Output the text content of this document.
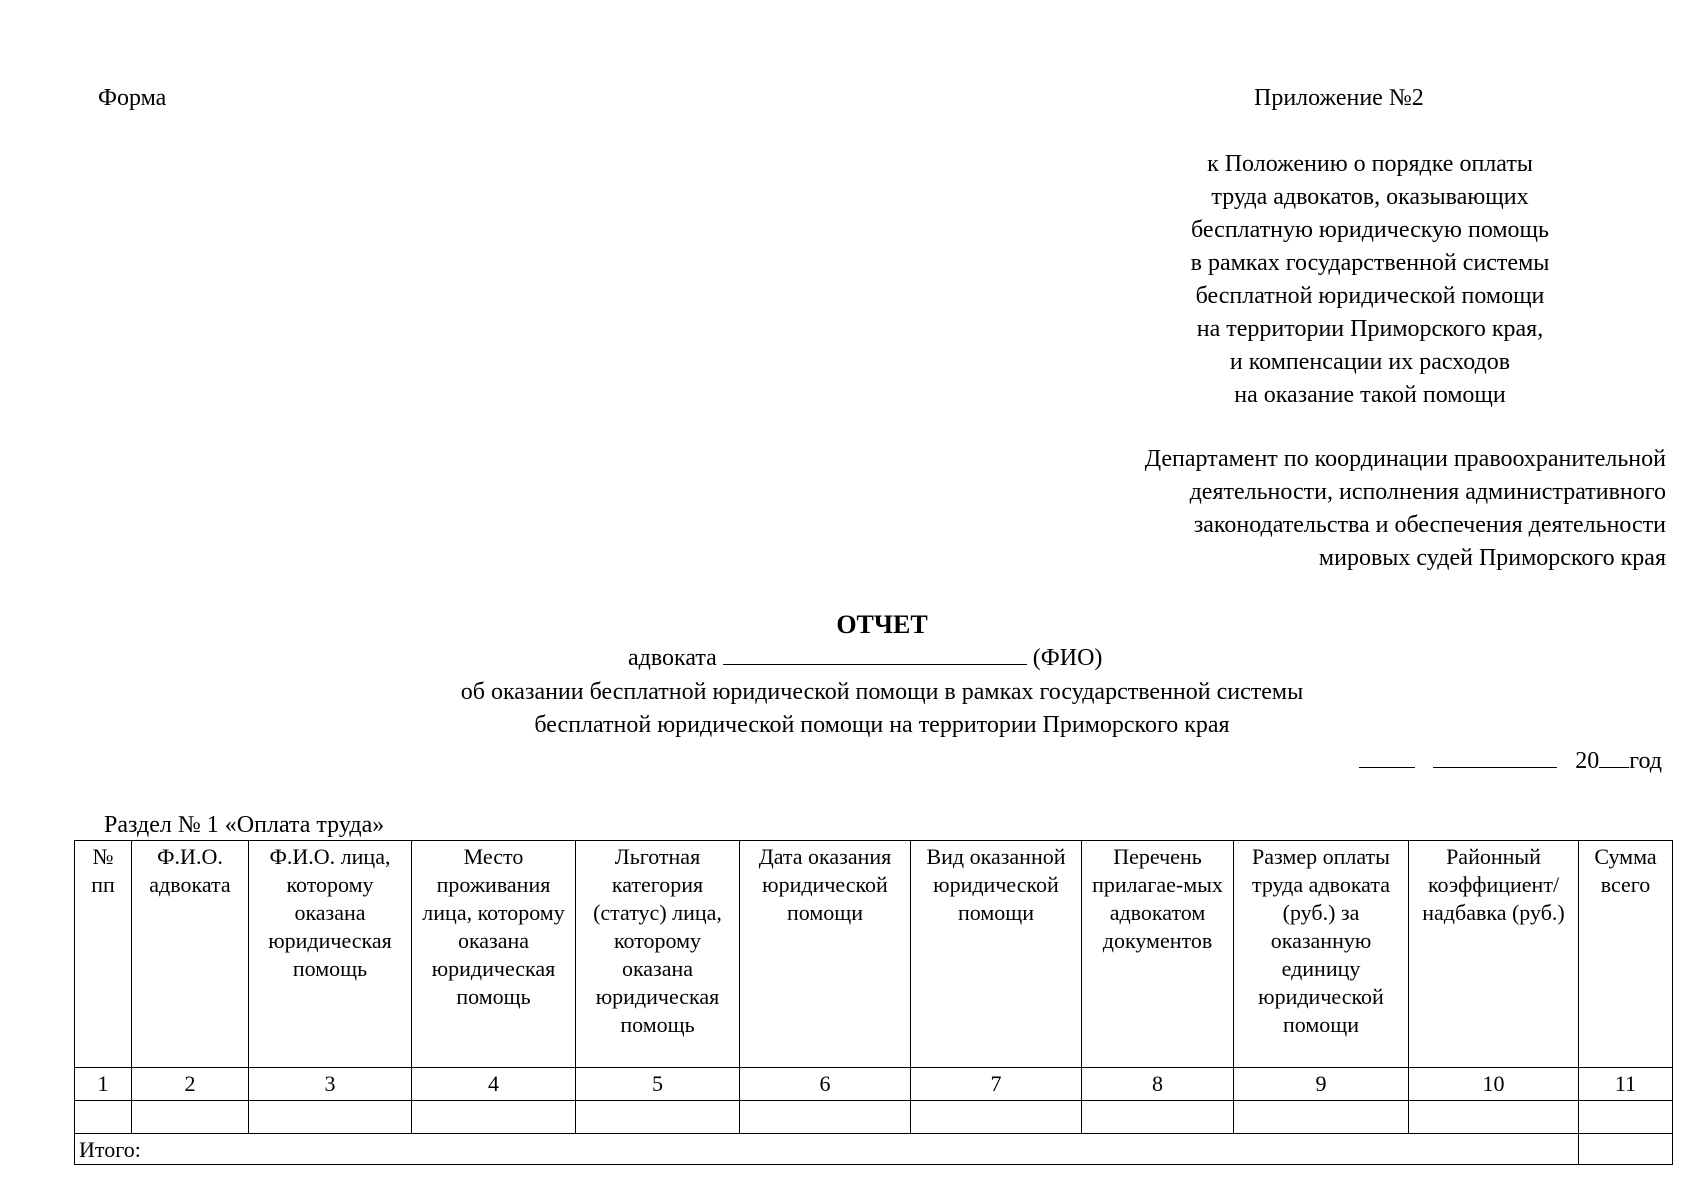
Форма	Приложение №2
к Положению о порядке оплаты
труда адвокатов, оказывающих
бесплатную юридическую помощь
в рамках государственной системы
бесплатной юридической помощи
на территории Приморского края,
и компенсации их расходов
на оказание такой помощи
Департамент по координации правоохранительной
деятельности, исполнения административного
законодательства и обеспечения деятельности
мировых судей Приморского края
ОТЧЕТ
адвоката	(ФИО)
об оказании бесплатной юридической помощи в рамках государственной системы
бесплатной юридической помощи на территории Приморского края
20 год
Раздел № 1 «Оплата труда»
№ пп	Ф.И.О. адвоката	Ф.И.О. лица, которому оказана юридическая помощь	Место проживания лица, которому оказана юридическая помощь	Льготная категория (статус) лица, которому оказана юридическая помощь	Дата оказания юридической помощи	Вид оказанной юридической помощи	Перечень прилагае-мых адвокатом документов	Размер оплаты труда адвоката (руб.) за оказанную единицу юридической помощи	Районный коэффициент/ надбавка (руб.)	Сумма всего
1	2	3	4	5	6	7	8	9	10	11

Итого:										
